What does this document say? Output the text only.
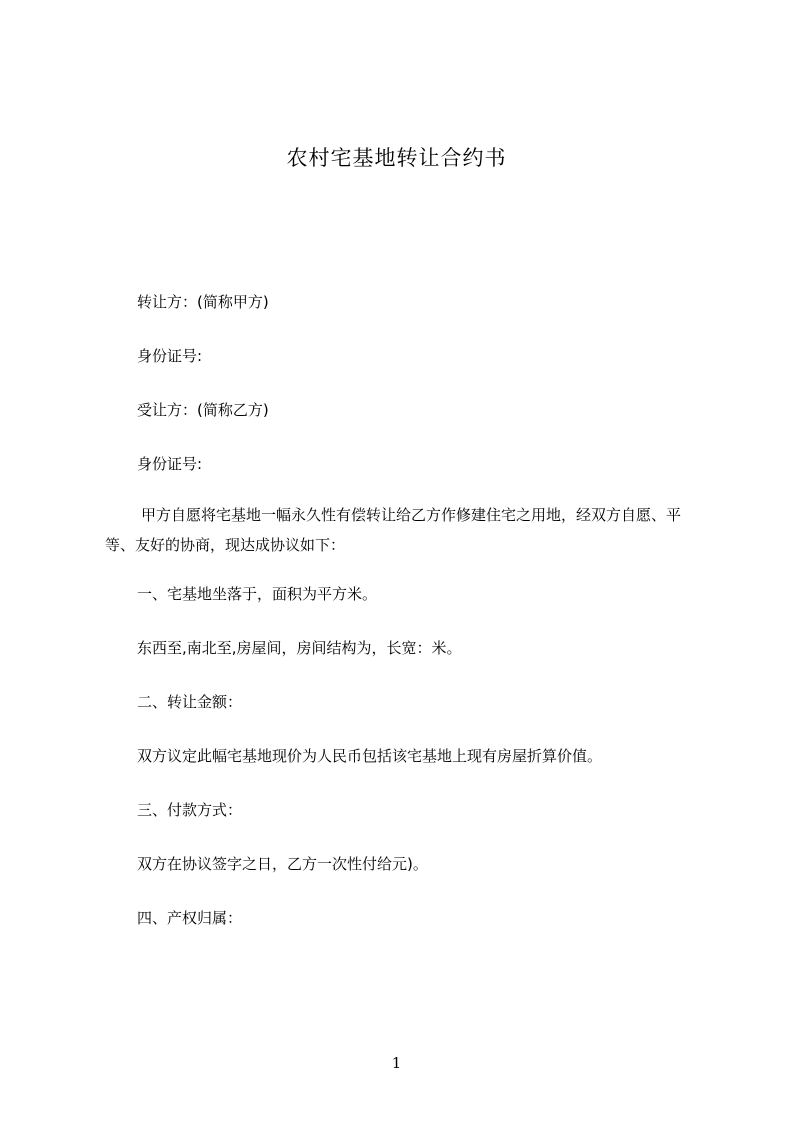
农村宅基地转让合约书
转让方：(简称甲方)
身份证号:
受让方：(简称乙方)
身份证号:
甲方自愿将宅基地一幅永久性有偿转让给乙方作修建住宅之用地，经双方自愿、平等、友好的协商，现达成协议如下：
一、宅基地坐落于，面积为平方米。
东西至,南北至,房屋间，房间结构为，长宽：米。
二、转让金额：
双方议定此幅宅基地现价为人民币包括该宅基地上现有房屋折算价值。
三、付款方式：
双方在协议签字之日，乙方一次性付给元)。
四、产权归属：
1
